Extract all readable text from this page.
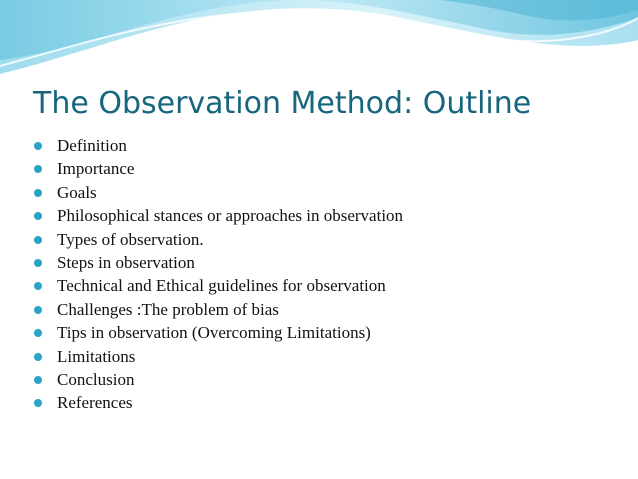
The Observation Method: Outline
Definition
Importance
Goals
Philosophical stances or approaches in observation
Types of observation.
Steps in observation
Technical and Ethical guidelines for observation
Challenges :The problem of bias
Tips in observation (Overcoming Limitations)
Limitations
Conclusion
References
